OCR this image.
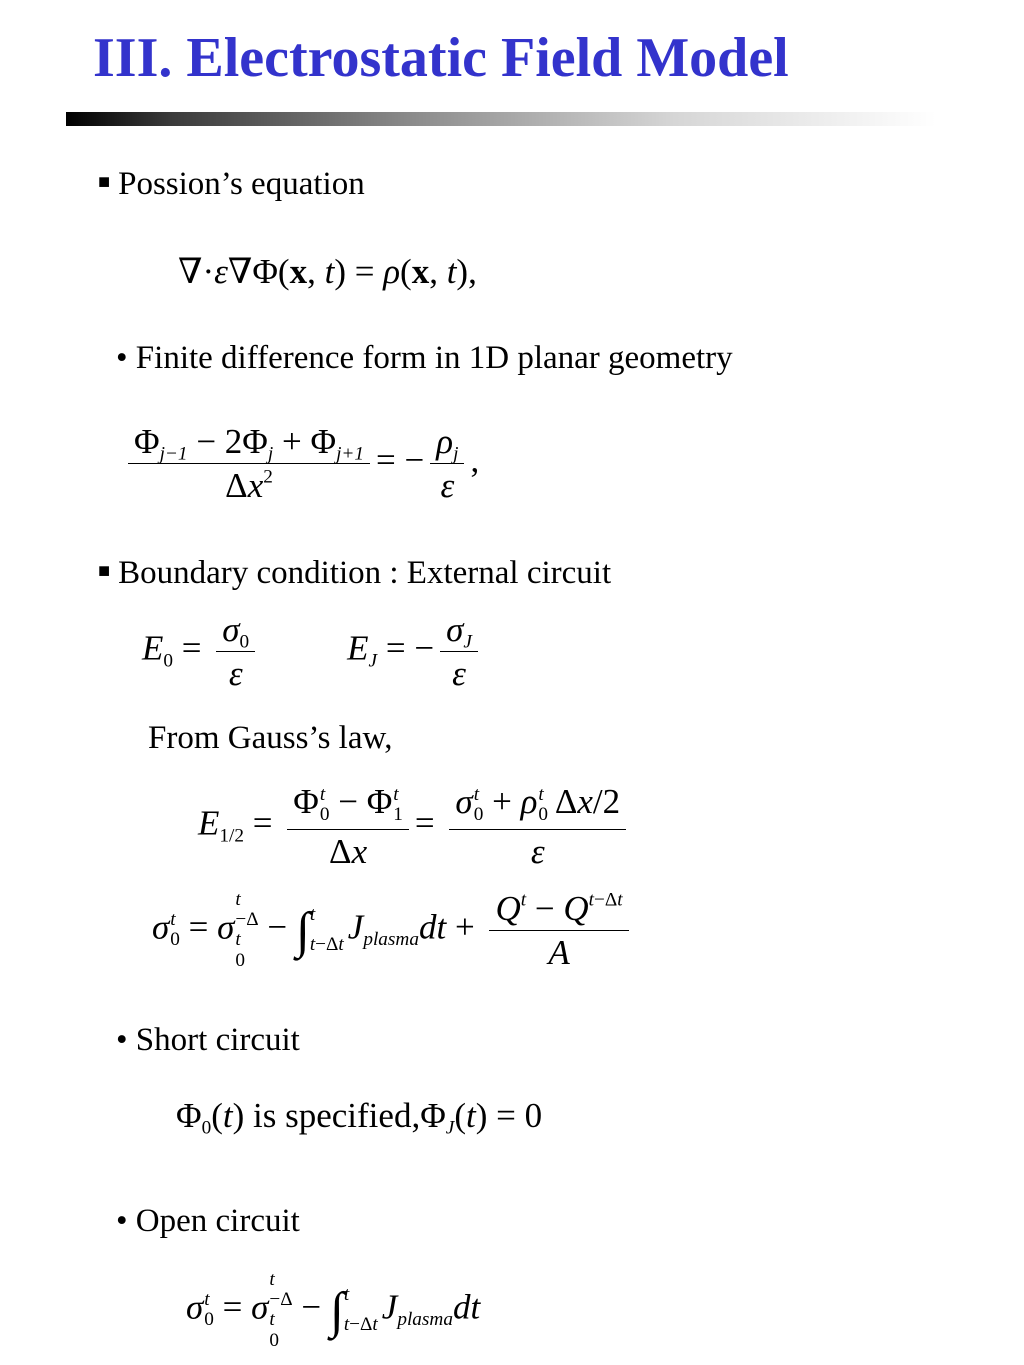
III. Electrostatic Field Model
■ Possion’s equation
∇·ε∇Φ(x, t) = ρ(x, t),
• Finite difference form in 1D planar geometry
$\frac{\Phi_{j-1} - 2\Phi_j + \Phi_{j+1}}{\Delta x^2}$ = − $\frac{\rho_j}{\varepsilon}$ ,
■ Boundary condition : External circuit
$E_0 = \frac{\sigma_0}{\varepsilon}$	$E_J$ = − $\frac{\sigma_J}{\varepsilon}$
From Gauss’s law,
$E_{1/2} = \Phi$ t
0 − Φ t
1
Δx = σ t
0 + ρ t
0 Δx/2
ε
σ t
0 = σ
t
−Δ
t
0
− ∫ t
t−Δt $J_{plasma}dt + \frac{Q^t - Q^{t-\Delta t}}{A}$
• Short circuit
$\Phi_0(t)$ is $specified,\Phi_J(t) = 0$
• Open circuit
σ t
0 = σ
t
−Δ
t
0
− ∫ t
t−Δt $J_{plasma}dt$
